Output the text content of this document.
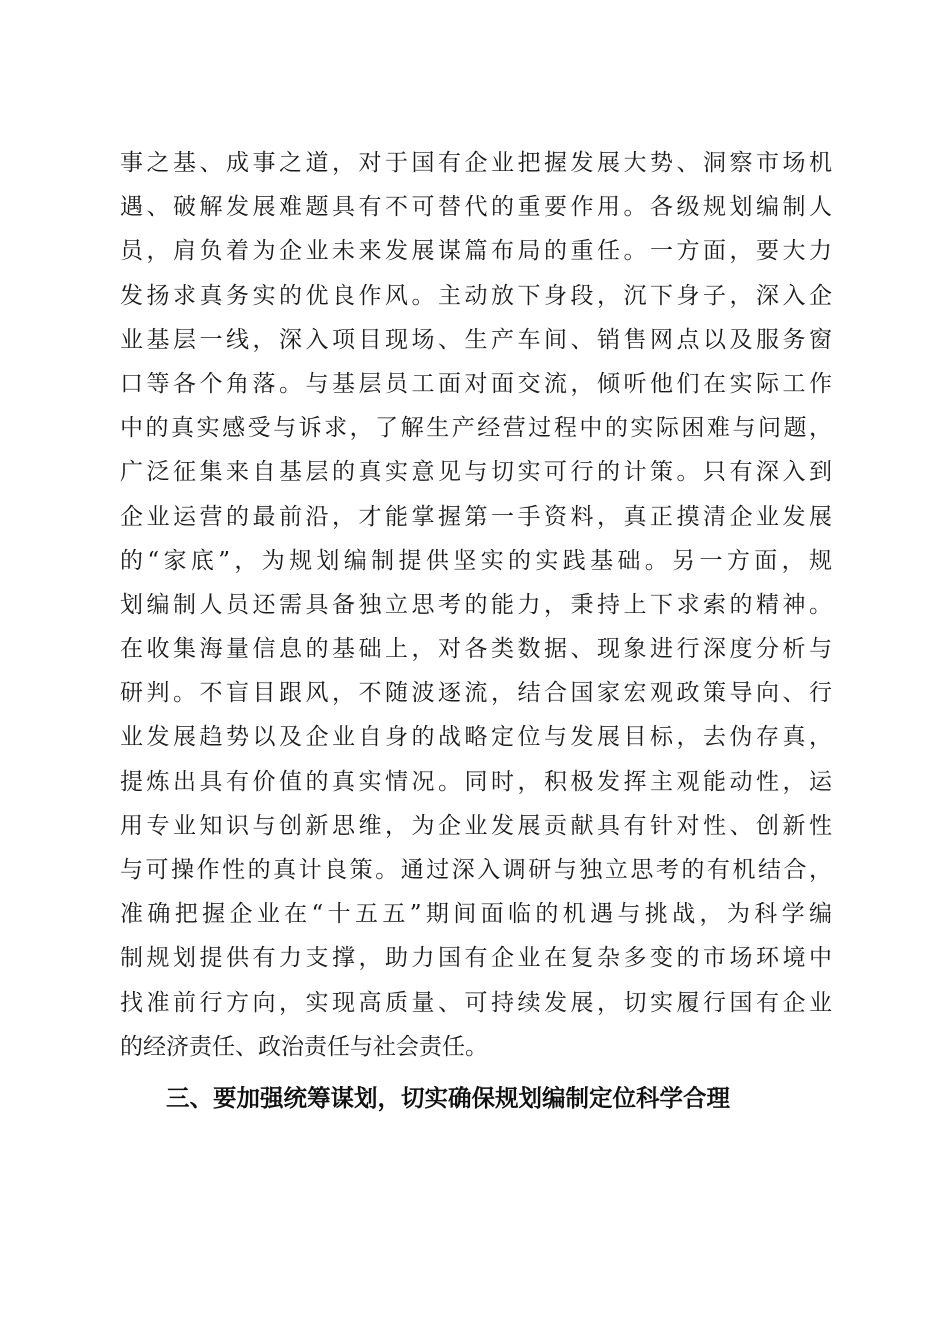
事之基、成事之道，对于国有企业把握发展大势、洞察市场机
遇、破解发展难题具有不可替代的重要作用。各级规划编制人
员，肩负着为企业未来发展谋篇布局的重任。一方面，要大力
发扬求真务实的优良作风。主动放下身段，沉下身子，深入企
业基层一线，深入项目现场、生产车间、销售网点以及服务窗
口等各个角落。与基层员工面对面交流，倾听他们在实际工作
中的真实感受与诉求，了解生产经营过程中的实际困难与问题，
广泛征集来自基层的真实意见与切实可行的计策。只有深入到
企业运营的最前沿，才能掌握第一手资料，真正摸清企业发展
的“家底”，为规划编制提供坚实的实践基础。另一方面，规
划编制人员还需具备独立思考的能力，秉持上下求索的精神。
在收集海量信息的基础上，对各类数据、现象进行深度分析与
研判。不盲目跟风，不随波逐流，结合国家宏观政策导向、行
业发展趋势以及企业自身的战略定位与发展目标，去伪存真，
提炼出具有价值的真实情况。同时，积极发挥主观能动性，运
用专业知识与创新思维，为企业发展贡献具有针对性、创新性
与可操作性的真计良策。通过深入调研与独立思考的有机结合，
准确把握企业在“十五五”期间面临的机遇与挑战，为科学编
制规划提供有力支撑，助力国有企业在复杂多变的市场环境中
找准前行方向，实现高质量、可持续发展，切实履行国有企业
的经济责任、政治责任与社会责任。
三、要加强统筹谋划，切实确保规划编制定位科学合理
